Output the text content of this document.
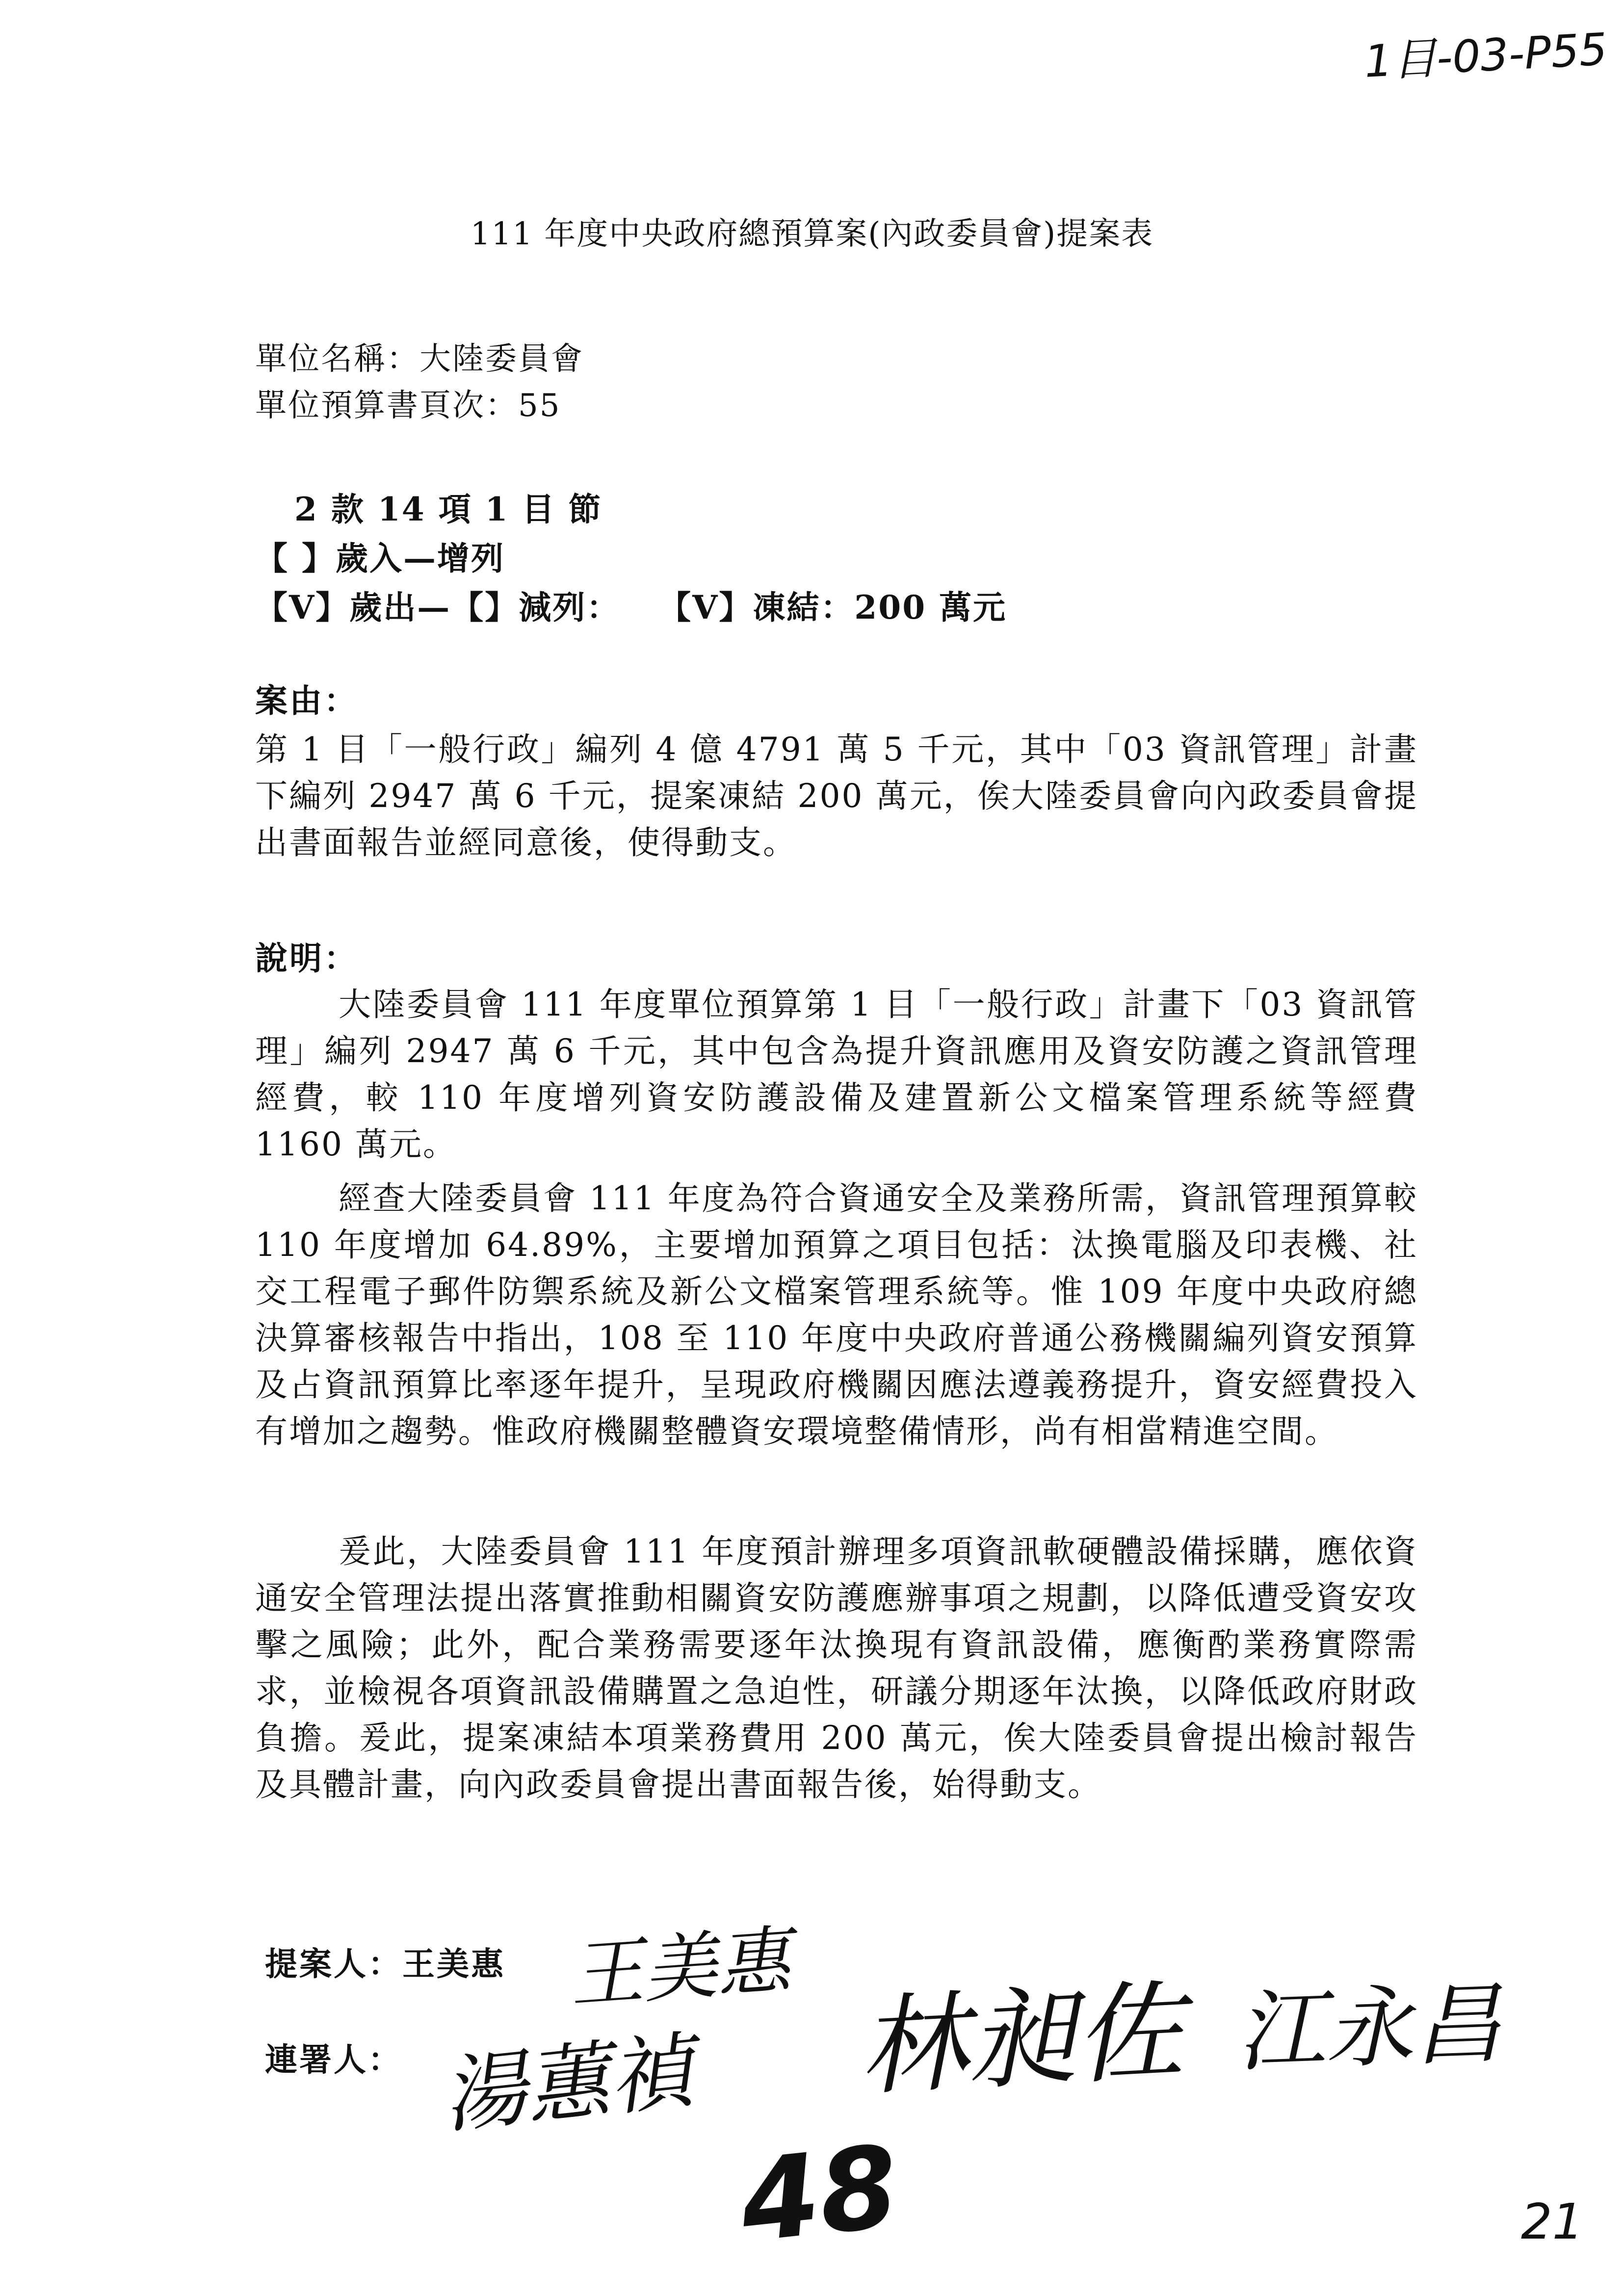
1目-03-P55
111 年度中央政府總預算案(內政委員會)提案表
單位名稱：大陸委員會
單位預算書頁次：55
2 款 14 項 1 目 節
【 】歲入—增列
【V】歲出—【】減列：   【V】凍結：200 萬元
案由：

第 1 目「一般行政」編列 4 億 4791 萬 5 千元，其中「03 資訊管理」計畫下編列 2947 萬 6 千元，提案凍結 200 萬元，俟大陸委員會向內政委員會提出書面報告並經同意後，使得動支。

說明：

大陸委員會 111 年度單位預算第 1 目「一般行政」計畫下「03 資訊管理」編列 2947 萬 6 千元，其中包含為提升資訊應用及資安防護之資訊管理經費，較 110 年度增列資安防護設備及建置新公文檔案管理系統等經費 1160 萬元。

經查大陸委員會 111 年度為符合資通安全及業務所需，資訊管理預算較 110 年度增加 64.89%，主要增加預算之項目包括：汰換電腦及印表機、社交工程電子郵件防禦系統及新公文檔案管理系統等。惟 109 年度中央政府總決算審核報告中指出，108 至 110 年度中央政府普通公務機關編列資安預算及占資訊預算比率逐年提升，呈現政府機關因應法遵義務提升，資安經費投入有增加之趨勢。惟政府機關整體資安環境整備情形，尚有相當精進空間。

爰此，大陸委員會 111 年度預計辦理多項資訊軟硬體設備採購，應依資通安全管理法提出落實推動相關資安防護應辦事項之規劃，以降低遭受資安攻擊之風險；此外，配合業務需要逐年汰換現有資訊設備，應衡酌業務實際需求，並檢視各項資訊設備購置之急迫性，研議分期逐年汰換，以降低政府財政負擔。爰此，提案凍結本項業務費用 200 萬元，俟大陸委員會提出檢討報告及具體計畫，向內政委員會提出書面報告後，始得動支。

提案人：王美惠 王美惠
連署人： 湯蕙禎 林昶佐 江永昌
48	21
